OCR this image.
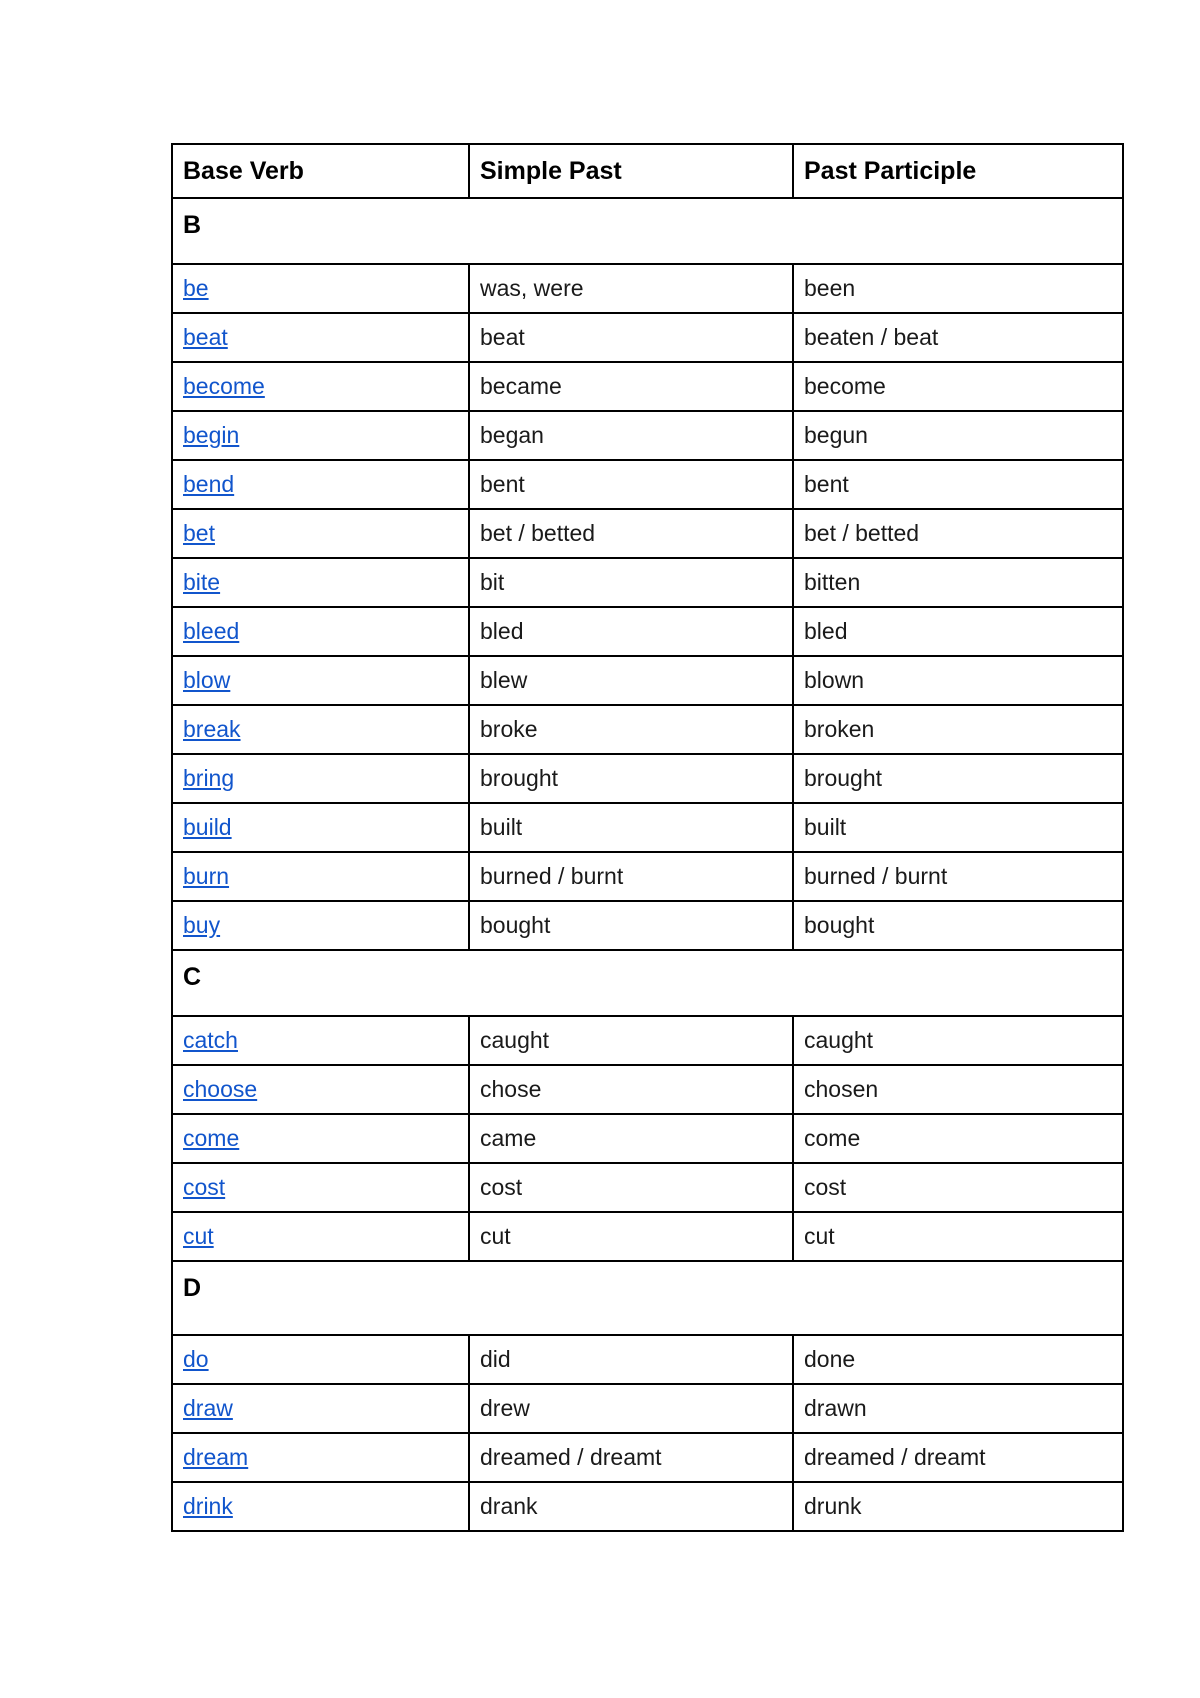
Base Verb	Simple Past	Past Participle
B		
be	was, were	been
beat	beat	beaten / beat
become	became	become
begin	began	begun
bend	bent	bent
bet	bet / betted	bet / betted
bite	bit	bitten
bleed	bled	bled
blow	blew	blown
break	broke	broken
bring	brought	brought
build	built	built
burn	burned / burnt	burned / burnt
buy	bought	bought
C		
catch	caught	caught
choose	chose	chosen
come	came	come
cost	cost	cost
cut	cut	cut
D		
do	did	done
draw	drew	drawn
dream	dreamed / dreamt	dreamed / dreamt
drink	drank	drunk
